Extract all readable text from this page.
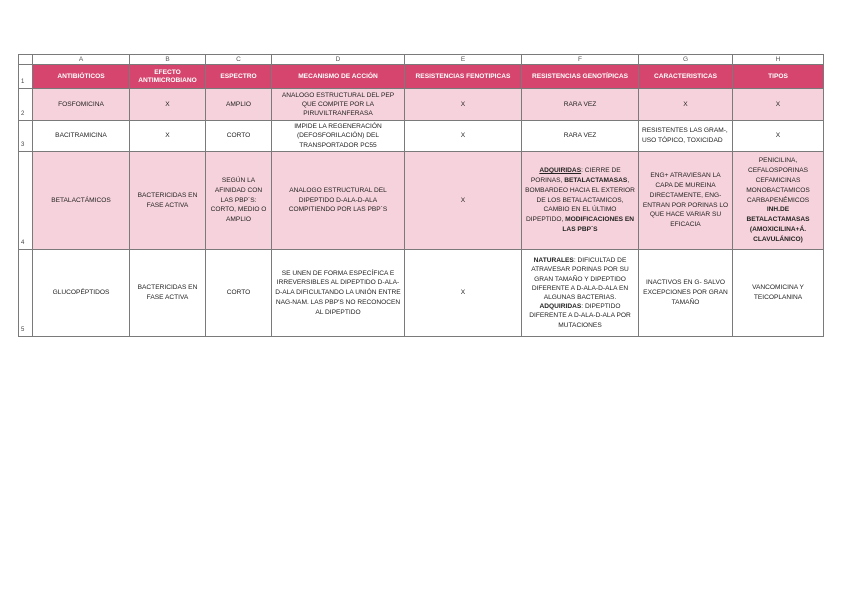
	A	B	C	D	E	F	G	H
1	ANTIBIÓTICOS	EFECTO ANTIMICROBIANO	ESPECTRO	MECANISMO DE ACCIÓN	RESISTENCIAS FENOTIPICAS	RESISTENCIAS GENOTÍPICAS	CARACTERISTICAS	TIPOS
2	FOSFOMICINA	X	AMPLIO	ANALOGO ESTRUCTURAL DEL PEP QUE COMPITE POR LA PIRUVILTRANFERASA	X	RARA VEZ	X	X
3	BACITRAMICINA	X	CORTO	IMPIDE LA REGENERACIÓN (DEFOSFORILACIÓN) DEL TRANSPORTADOR PC55	X	RARA VEZ	RESISTENTES LAS GRAM-, USO TÓPICO, TOXICIDAD	X
4	BETALACTÁMICOS	BACTERICIDAS EN FASE ACTIVA	SEGÚN LA AFINIDAD CON LAS PBP´S: CORTO, MEDIO O AMPLIO	ANALOGO ESTRUCTURAL DEL DIPEPTIDO D-ALA-D-ALA COMPITIENDO POR LAS PBP´S	X	ADQUIRIDAS: CIERRE DE PORINAS, BETALACTAMASAS, BOMBARDEO HACIA EL EXTERIOR DE LOS BETALACTAMICOS, CAMBIO EN EL ÚLTIMO DIPEPTIDO, MODIFICACIONES EN LAS PBP´S	ENG+ ATRAVIESAN LA CAPA DE MUREINA DIRECTAMENTE, ENG- ENTRAN POR PORINAS LO QUE HACE VARIAR SU EFICACIA	PENICILINA, CEFALOSPORINAS CEFAMICINAS MONOBACTAMICOS CARBAPENÉMICOS INH.DE BETALACTAMASAS (AMOXICILINA+Á. CLAVULÁNICO)
5	GLUCOPÉPTIDOS	BACTERICIDAS EN FASE ACTIVA	CORTO	SE UNEN DE FORMA ESPECÍFICA E IRREVERSIBLES AL DIPEPTIDO D-ALA-D-ALA DIFICULTANDO LA UNIÓN ENTRE NAG-NAM. LAS PBP'S NO RECONOCEN AL DIPEPTIDO	X	NATURALES: DIFICULTAD DE ATRAVESAR PORINAS POR SU GRAN TAMAÑO Y DIPEPTIDO DIFERENTE A D-ALA-D-ALA EN ALGUNAS BACTERIAS. ADQUIRIDAS: DIPEPTIDO DIFERENTE A D-ALA-D-ALA POR MUTACIONES	INACTIVOS EN G- SALVO EXCEPCIONES POR GRAN TAMAÑO	VANCOMICINA Y TEICOPLANINA
